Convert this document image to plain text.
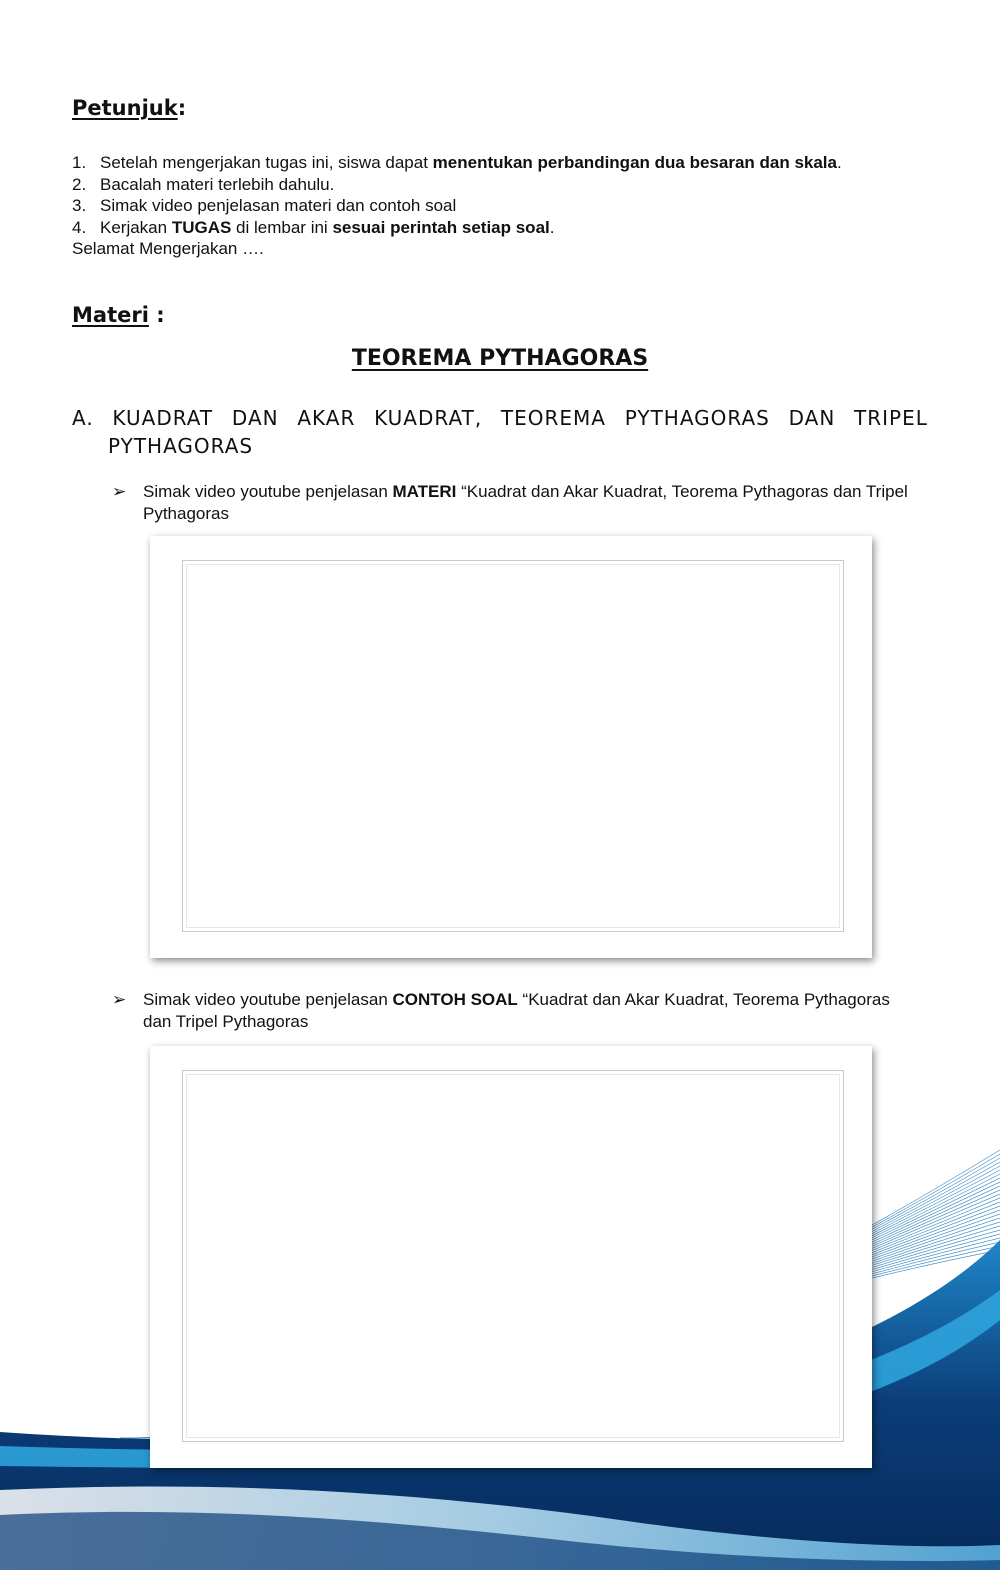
Petunjuk:
1. Setelah mengerjakan tugas ini, siswa dapat menentukan perbandingan dua besaran dan skala.
2. Bacalah materi terlebih dahulu.
3. Simak video penjelasan materi dan contoh soal
4. Kerjakan TUGAS di lembar ini sesuai perintah setiap soal.
Selamat Mengerjakan ….
Materi :
TEOREMA PYTHAGORAS
A. KUADRAT DAN AKAR KUADRAT, TEOREMA PYTHAGORAS DAN TRIPEL
PYTHAGORAS
➢ Simak video youtube penjelasan MATERI “Kuadrat dan Akar Kuadrat, Teorema Pythagoras dan Tripel Pythagoras
➢ Simak video youtube penjelasan CONTOH SOAL “Kuadrat dan Akar Kuadrat, Teorema Pythagoras dan Tripel Pythagoras
